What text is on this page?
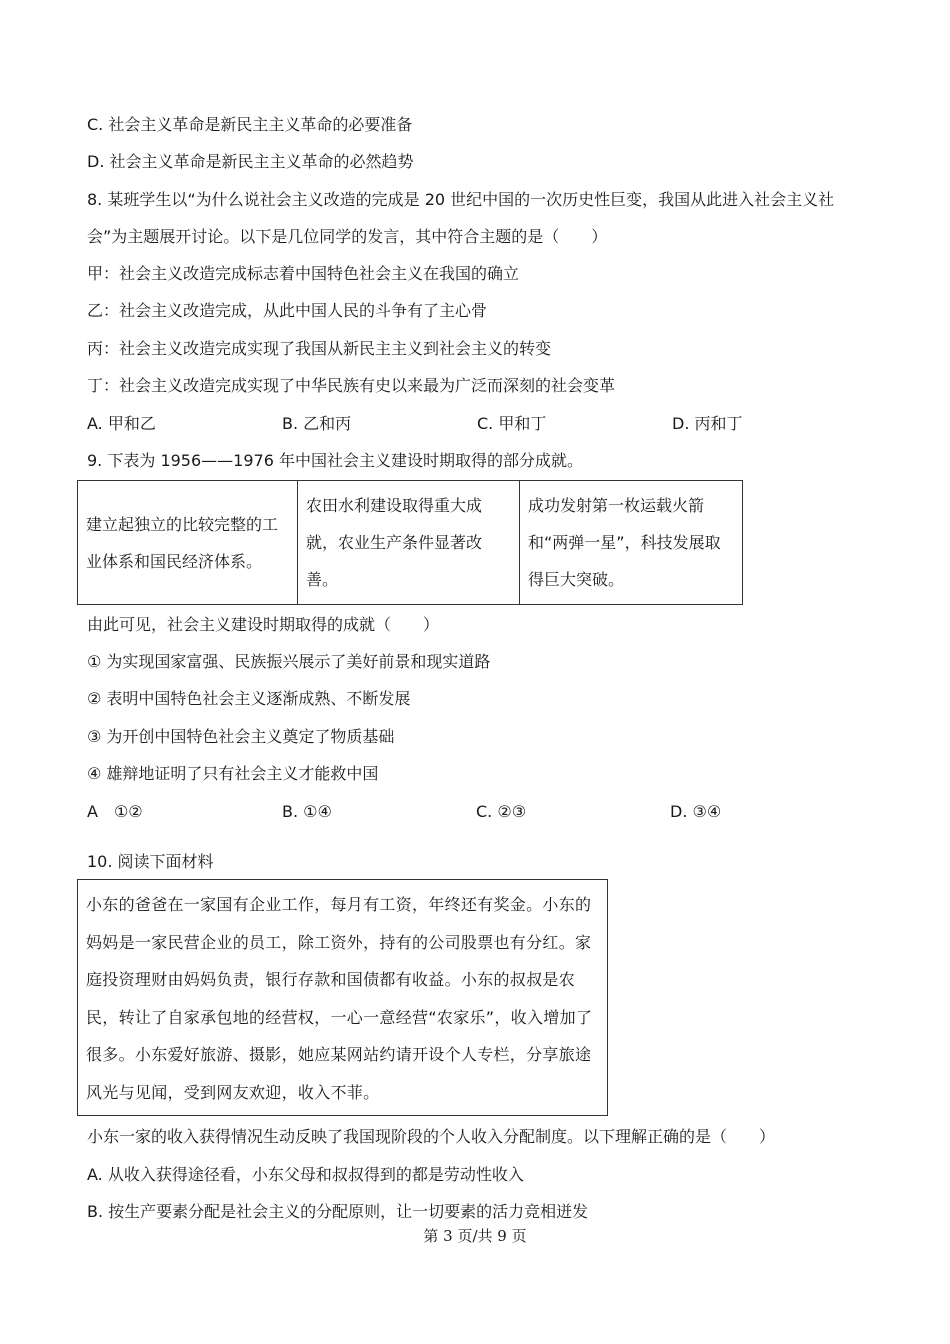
C. 社会主义革命是新民主主义革命的必要准备
D. 社会主义革命是新民主主义革命的必然趋势
8. 某班学生以“为什么说社会主义改造的完成是 20 世纪中国的一次历史性巨变，我国从此进入社会主义社
会”为主题展开讨论。以下是几位同学的发言，其中符合主题的是（　　）
甲：社会主义改造完成标志着中国特色社会主义在我国的确立
乙：社会主义改造完成，从此中国人民的斗争有了主心骨
丙：社会主义改造完成实现了我国从新民主主义到社会主义的转变
丁：社会主义改造完成实现了中华民族有史以来最为广泛而深刻的社会变革
A. 甲和乙	B. 乙和丙	C. 甲和丁	D. 丙和丁
9. 下表为 1956——1976 年中国社会主义建设时期取得的部分成就。
建立起独立的比较完整的工业体系和国民经济体系。	农田水利建设取得重大成就，农业生产条件显著改善。	成功发射第一枚运载火箭和“两弹一星”，科技发展取得巨大突破。
由此可见，社会主义建设时期取得的成就（　　）
① 为实现国家富强、民族振兴展示了美好前景和现实道路
② 表明中国特色社会主义逐渐成熟、不断发展
③ 为开创中国特色社会主义奠定了物质基础
④ 雄辩地证明了只有社会主义才能救中国
A　①②	B. ①④	C. ②③	D. ③④
10. 阅读下面材料
小东的爸爸在一家国有企业工作，每月有工资，年终还有奖金。小东的妈妈是一家民营企业的员工，除工资外，持有的公司股票也有分红。家庭投资理财由妈妈负责，银行存款和国债都有收益。小东的叔叔是农民，转让了自家承包地的经营权，一心一意经营“农家乐”，收入增加了很多。小东爱好旅游、摄影，她应某网站约请开设个人专栏，分享旅途风光与见闻，受到网友欢迎，收入不菲。
小东一家的收入获得情况生动反映了我国现阶段的个人收入分配制度。以下理解正确的是（　　）
A. 从收入获得途径看，小东父母和叔叔得到的都是劳动性收入
B. 按生产要素分配是社会主义的分配原则，让一切要素的活力竞相迸发
第 3 页/共 9 页
